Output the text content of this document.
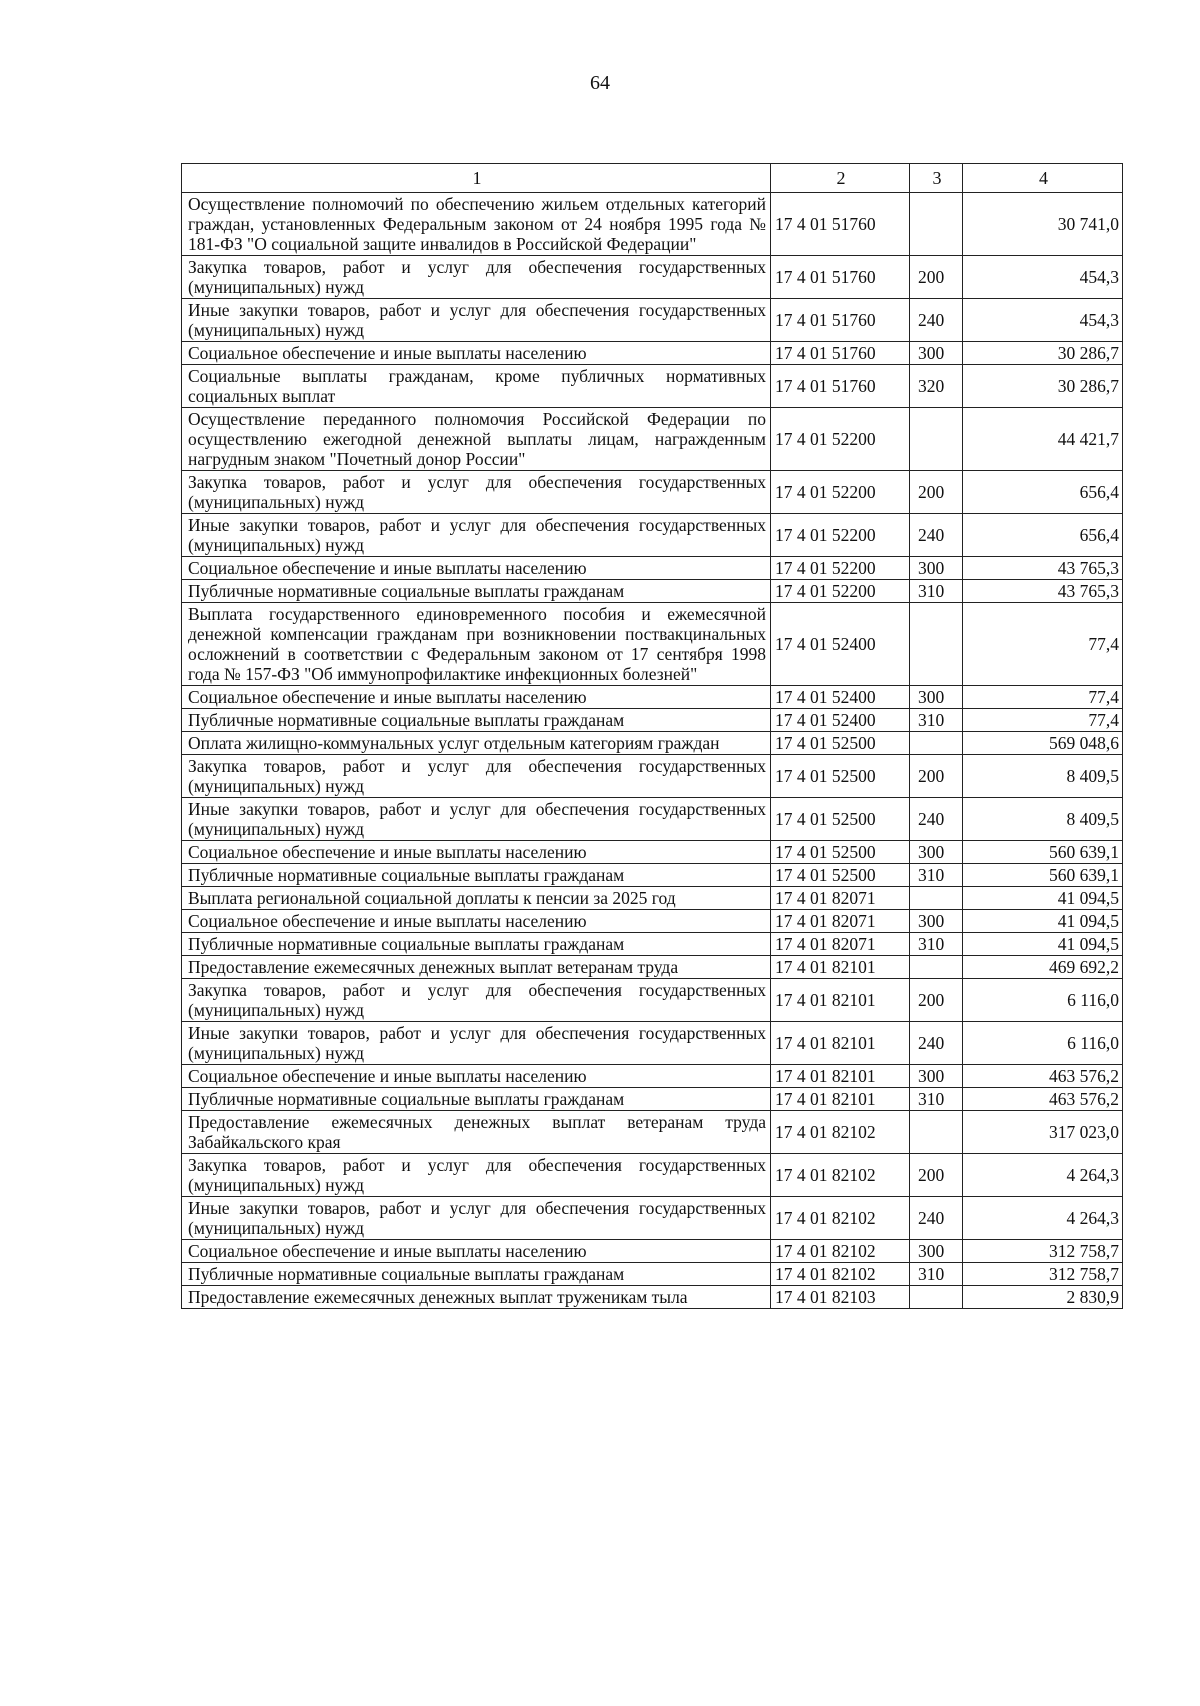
64
1	2	3	4
Осуществление полномочий по обеспечению жильем отдельных категорий граждан, установленных Федеральным законом от 24 ноября 1995 года № 181-ФЗ "О социальной защите инвалидов в Российской Федерации"	17 4 01 51760		30 741,0
Закупка товаров, работ и услуг для обеспечения государственных (муниципальных) нужд	17 4 01 51760	200	454,3
Иные закупки товаров, работ и услуг для обеспечения государственных (муниципальных) нужд	17 4 01 51760	240	454,3
Социальное обеспечение и иные выплаты населению	17 4 01 51760	300	30 286,7
Социальные выплаты гражданам, кроме публичных нормативных социальных выплат	17 4 01 51760	320	30 286,7
Осуществление переданного полномочия Российской Федерации по осуществлению ежегодной денежной выплаты лицам, награжденным нагрудным знаком "Почетный донор России"	17 4 01 52200		44 421,7
Закупка товаров, работ и услуг для обеспечения государственных (муниципальных) нужд	17 4 01 52200	200	656,4
Иные закупки товаров, работ и услуг для обеспечения государственных (муниципальных) нужд	17 4 01 52200	240	656,4
Социальное обеспечение и иные выплаты населению	17 4 01 52200	300	43 765,3
Публичные нормативные социальные выплаты гражданам	17 4 01 52200	310	43 765,3
Выплата государственного единовременного пособия и ежемесячной денежной компенсации гражданам при возникновении поствакцинальных осложнений в соответствии с Федеральным законом от 17 сентября 1998 года № 157-ФЗ "Об иммунопрофилактике инфекционных болезней"	17 4 01 52400		77,4
Социальное обеспечение и иные выплаты населению	17 4 01 52400	300	77,4
Публичные нормативные социальные выплаты гражданам	17 4 01 52400	310	77,4
Оплата жилищно-коммунальных услуг отдельным категориям граждан	17 4 01 52500		569 048,6
Закупка товаров, работ и услуг для обеспечения государственных (муниципальных) нужд	17 4 01 52500	200	8 409,5
Иные закупки товаров, работ и услуг для обеспечения государственных (муниципальных) нужд	17 4 01 52500	240	8 409,5
Социальное обеспечение и иные выплаты населению	17 4 01 52500	300	560 639,1
Публичные нормативные социальные выплаты гражданам	17 4 01 52500	310	560 639,1
Выплата региональной социальной доплаты к пенсии за 2025 год	17 4 01 82071		41 094,5
Социальное обеспечение и иные выплаты населению	17 4 01 82071	300	41 094,5
Публичные нормативные социальные выплаты гражданам	17 4 01 82071	310	41 094,5
Предоставление ежемесячных денежных выплат ветеранам труда	17 4 01 82101		469 692,2
Закупка товаров, работ и услуг для обеспечения государственных (муниципальных) нужд	17 4 01 82101	200	6 116,0
Иные закупки товаров, работ и услуг для обеспечения государственных (муниципальных) нужд	17 4 01 82101	240	6 116,0
Социальное обеспечение и иные выплаты населению	17 4 01 82101	300	463 576,2
Публичные нормативные социальные выплаты гражданам	17 4 01 82101	310	463 576,2
Предоставление ежемесячных денежных выплат ветеранам труда Забайкальского края	17 4 01 82102		317 023,0
Закупка товаров, работ и услуг для обеспечения государственных (муниципальных) нужд	17 4 01 82102	200	4 264,3
Иные закупки товаров, работ и услуг для обеспечения государственных (муниципальных) нужд	17 4 01 82102	240	4 264,3
Социальное обеспечение и иные выплаты населению	17 4 01 82102	300	312 758,7
Публичные нормативные социальные выплаты гражданам	17 4 01 82102	310	312 758,7
Предоставление ежемесячных денежных выплат труженикам тыла	17 4 01 82103		2 830,9
